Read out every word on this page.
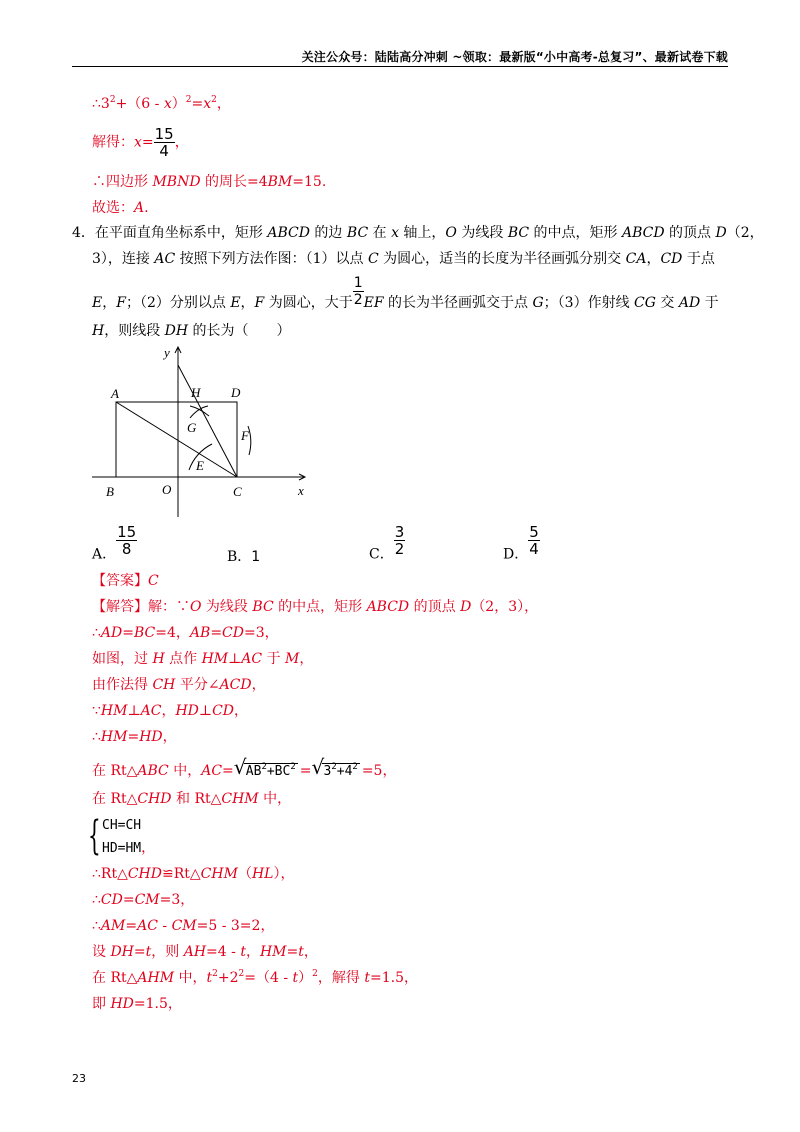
关注公众号：陆陆高分冲刺 ~领取：最新版“小中高考-总复习”、最新试卷下载
$\therefore 3^2+(6 - x)^2=x^2$，
解得：$x= \frac{15}{4}$ ，
∴四边形 MBND 的周长=4BM=15.
故选：A.
4．在平面直角坐标系中，矩形 ABCD 的边 BC 在 x 轴上，O 为线段 BC 的中点，矩形 ABCD 的顶点 D（2，
3），连接 AC 按照下列方法作图：（1）以点 C 为圆心，适当的长度为半径画弧分别交 CA，CD 于点
E，F；（2）分别以点 E，F 为圆心，大于 $\frac{1}{2}$ EF 的长为半径画弧交于点 G；（3）作射线 CG 交 AD 于
H，则线段 DH 的长为（　　）
y
x
A	H D
G
F
E
B	O	C
A． $\frac{15}{8}$	B．1	C． $\frac{3}{2}$	D． $\frac{5}{4}$
【答案】C
【解答】解：∵O 为线段 BC 的中点，矩形 ABCD 的顶点 D（2，3），
∴AD=BC=4，AB=CD=3，
如图，过 H 点作 HM⊥AC 于 M，
由作法得 CH 平分∠ACD，
∵HM⊥AC，HD⊥CD，
∴HM=HD，
在 Rt△ABC 中，AC= √ $AB^2+BC^2$ = √ $3^2+4^2 =5$，
在 Rt△CHD 和 Rt△CHM 中，
{ CH=CH
HD=HM，
∴Rt△CHD≌Rt△CHM（HL），
∴CD=CM=3，
∴AM=AC - CM=5 - 3=2，
设 DH=t，则 AH=4 - t，HM=t，
在 Rt△AHM 中，$t^2+2^2=(4 - t)^2$，解得 t=1.5，
即 HD=1.5，
23
